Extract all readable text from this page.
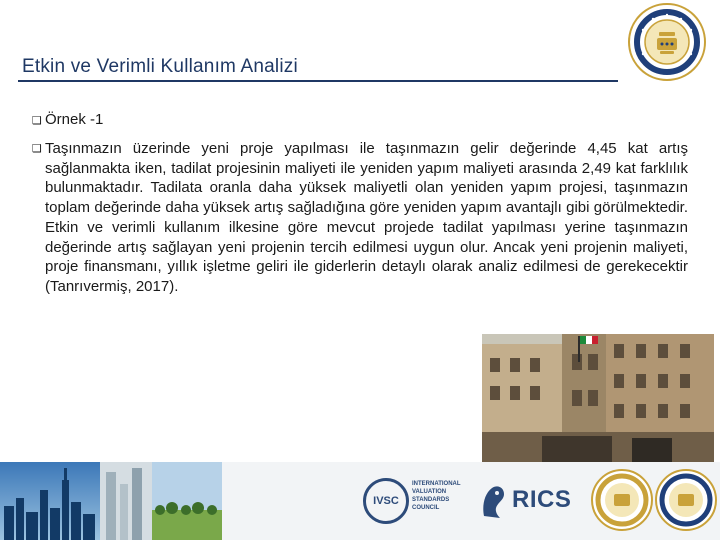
Etkin ve Verimli Kullanım Analizi
❑ Örnek -1
❑ Taşınmazın üzerinde yeni proje yapılması ile taşınmazın gelir değerinde 4,45 kat artış sağlanmakta iken, tadilat projesinin maliyeti ile yeniden yapım maliyeti arasında 2,49 kat farklılık bulunmaktadır. Tadilata oranla daha yüksek maliyetli olan yeniden yapım projesi, taşınmazın toplam değerinde daha yüksek artış sağladığına göre yeniden yapım avantajlı gibi görülmektedir. Etkin ve verimli kullanım ilkesine göre mevcut projede tadilat yapılması yerine taşınmazın değerinde artış sağlayan yeni projenin tercih edilmesi uygun olur. Ancak yeni projenin maliyeti, proje finansmanı, yıllık işletme geliri ile giderlerin detaylı olarak analiz edilmesi de gerekecektir (Tanrıvermiş, 2017).
IVSC
INTERNATIONAL
VALUATION
STANDARDS
COUNCIL	RICS
